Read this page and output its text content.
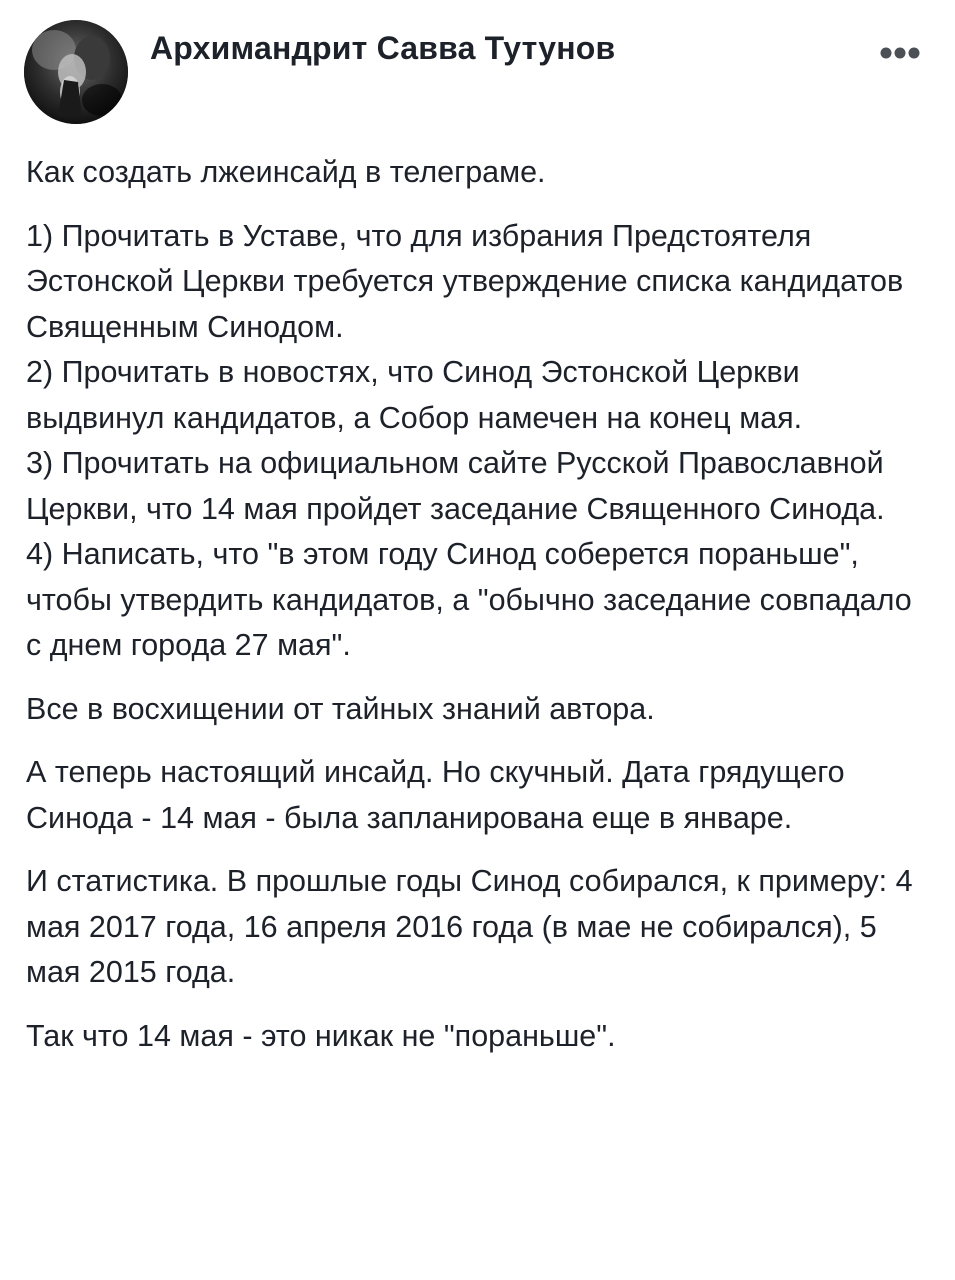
Архимандрит Савва Тутунов

Как создать лжеинсайд в телеграме.

1) Прочитать в Уставе, что для избрания Предстоятеля Эстонской Церкви требуется утверждение списка кандидатов Священным Синодом.
2) Прочитать в новостях, что Синод Эстонской Церкви выдвинул кандидатов, а Собор намечен на конец мая.
3) Прочитать на официальном сайте Русской Православной Церкви, что 14 мая пройдет заседание Священного Синода.
4) Написать, что "в этом году Синод соберется пораньше", чтобы утвердить кандидатов, а "обычно заседание совпадало с днем города 27 мая".

Все в восхищении от тайных знаний автора.

А теперь настоящий инсайд. Но скучный. Дата грядущего Синода - 14 мая - была запланирована еще в январе.

И статистика. В прошлые годы Синод собирался, к примеру: 4 мая 2017 года, 16 апреля 2016 года (в мае не собирался), 5 мая 2015 года.

Так что 14 мая - это никак не "пораньше".
